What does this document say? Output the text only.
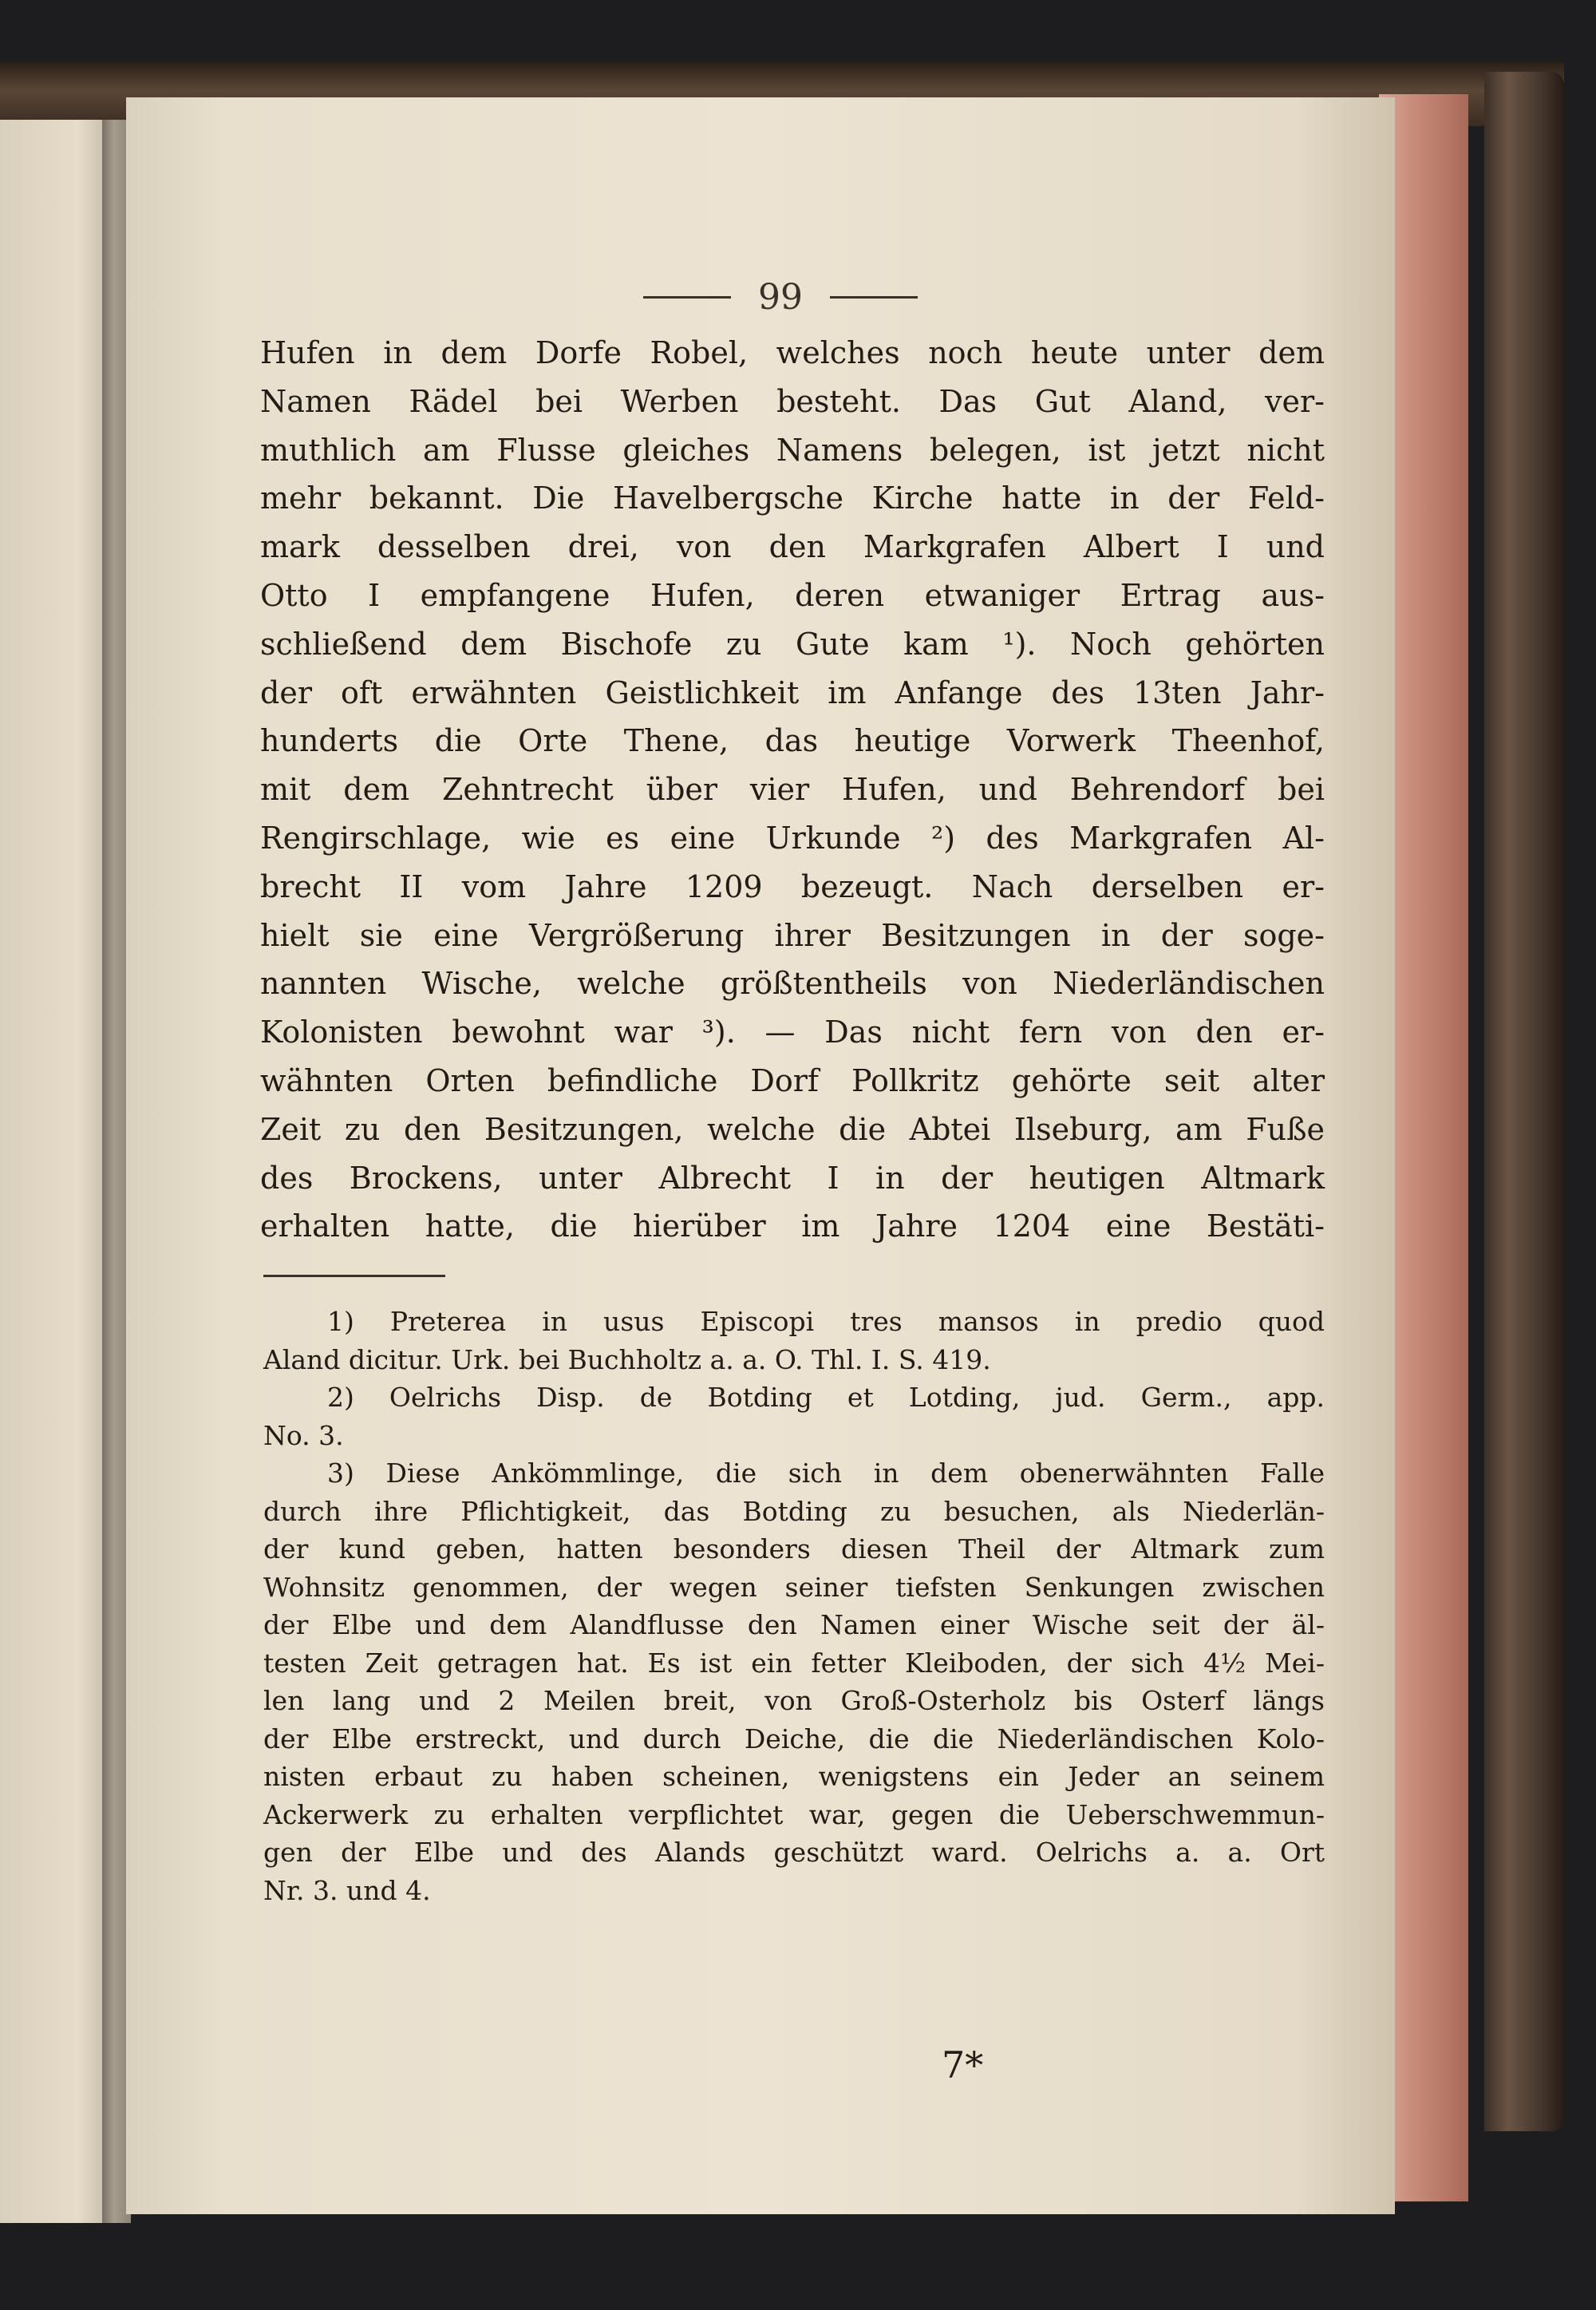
99

Hufen in dem Dorfe Robel, welches noch heute unter dem
Namen Rädel bei Werben besteht. Das Gut Aland, ver-
muthlich am Flusse gleiches Namens belegen, ist jetzt nicht
mehr bekannt. Die Havelbergsche Kirche hatte in der Feld-
mark desselben drei, von den Markgrafen Albert I und
Otto I empfangene Hufen, deren etwaniger Ertrag aus-
schließend dem Bischofe zu Gute kam ¹). Noch gehörten
der oft erwähnten Geistlichkeit im Anfange des 13ten Jahr-
hunderts die Orte Thene, das heutige Vorwerk Theenhof,
mit dem Zehntrecht über vier Hufen, und Behrendorf bei
Rengirschlage, wie es eine Urkunde ²) des Markgrafen Al-
brecht II vom Jahre 1209 bezeugt. Nach derselben er-
hielt sie eine Vergrößerung ihrer Besitzungen in der soge-
nannten Wische, welche größtentheils von Niederländischen
Kolonisten bewohnt war ³). — Das nicht fern von den er-
wähnten Orten befindliche Dorf Pollkritz gehörte seit alter
Zeit zu den Besitzungen, welche die Abtei Ilseburg, am Fuße
des Brockens, unter Albrecht I in der heutigen Altmark
erhalten hatte, die hierüber im Jahre 1204 eine Bestäti-

1) Preterea in usus Episcopi tres mansos in predio quod
Aland dicitur. Urk. bei Buchholtz a. a. O. Thl. I. S. 419.
2) Oelrichs Disp. de Botding et Lotding, jud. Germ., app.
No. 3.
3) Diese Ankömmlinge, die sich in dem obenerwähnten Falle
durch ihre Pflichtigkeit, das Botding zu besuchen, als Niederlän-
der kund geben, hatten besonders diesen Theil der Altmark zum
Wohnsitz genommen, der wegen seiner tiefsten Senkungen zwischen
der Elbe und dem Alandflusse den Namen einer Wische seit der äl-
testen Zeit getragen hat. Es ist ein fetter Kleiboden, der sich 4½ Mei-
len lang und 2 Meilen breit, von Groß-Osterholz bis Osterf längs
der Elbe erstreckt, und durch Deiche, die die Niederländischen Kolo-
nisten erbaut zu haben scheinen, wenigstens ein Jeder an seinem
Ackerwerk zu erhalten verpflichtet war, gegen die Ueberschwemmun-
gen der Elbe und des Alands geschützt ward. Oelrichs a. a. Ort
Nr. 3. und 4.
7*
